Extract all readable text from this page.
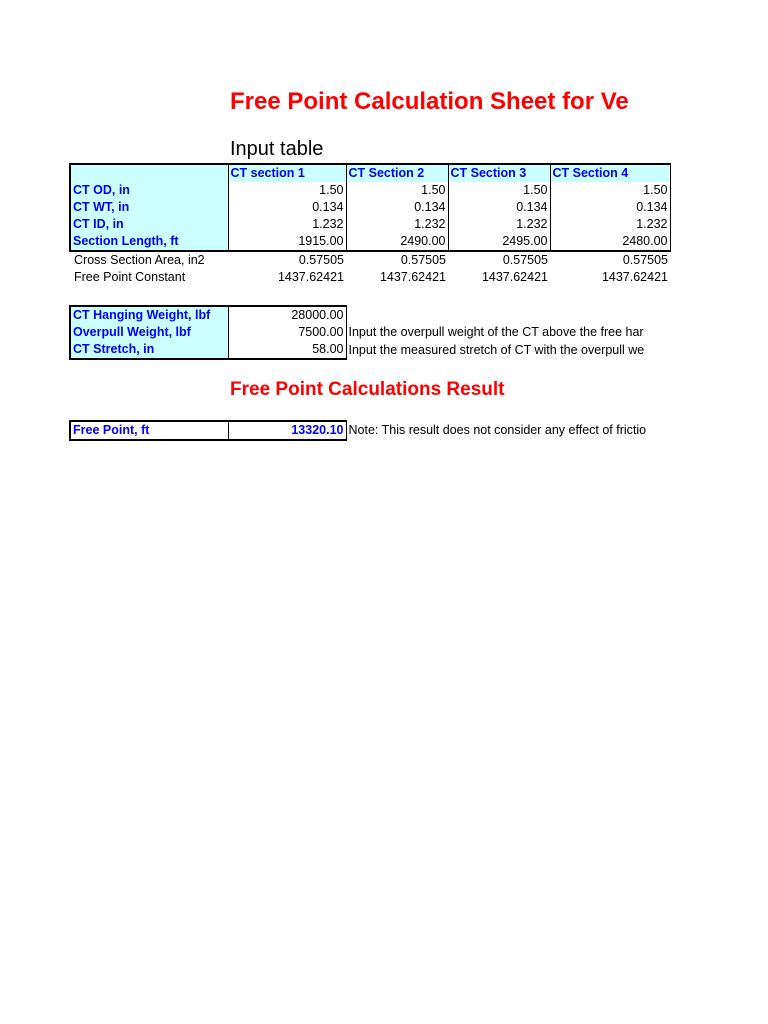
Free Point Calculation Sheet for Ve
Input table
	CT section 1	CT Section 2	CT Section 3	CT Section 4
CT OD, in	1.50	1.50	1.50	1.50
CT WT, in	0.134	0.134	0.134	0.134
CT ID, in	1.232	1.232	1.232	1.232
Section Length, ft	1915.00	2490.00	2495.00	2480.00
Cross Section Area, in2	0.57505	0.57505	0.57505	0.57505
Free Point Constant	1437.62421	1437.62421	1437.62421	1437.62421
CT Hanging Weight, lbf	28000.00	
Overpull Weight, lbf	7500.00	Input the overpull weight of the CT above the free har
CT Stretch, in	58.00	Input the measured stretch of CT with the overpull we
Free Point Calculations Result
Free Point, ft	13320.10	Note: This result does not consider any effect of frictio
